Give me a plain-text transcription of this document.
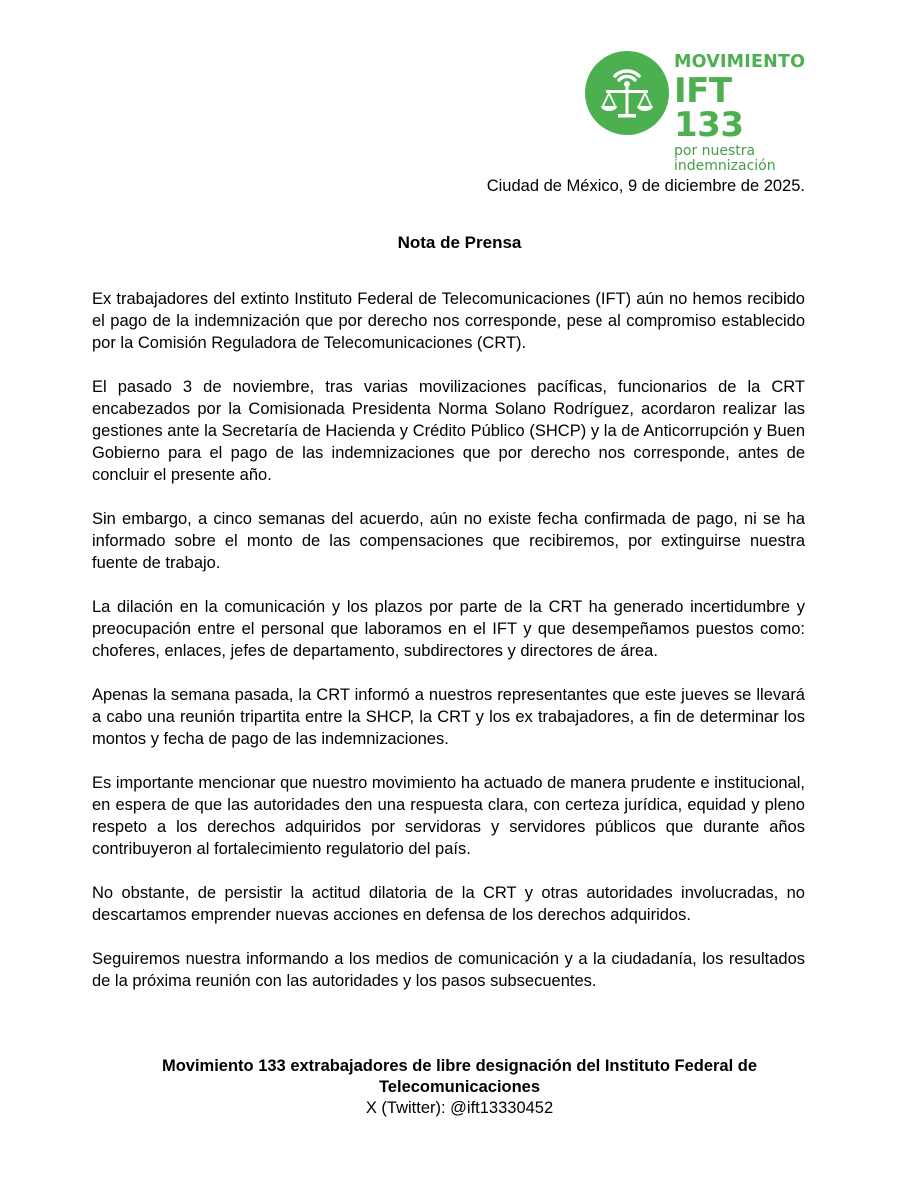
MOVIMIENTO
IFT 133
por nuestra
indemnización
Ciudad de México, 9 de diciembre de 2025.
Nota de Prensa

Ex trabajadores del extinto Instituto Federal de Telecomunicaciones (IFT) aún no hemos recibido el pago de la indemnización que por derecho nos corresponde, pese al compromiso establecido por la Comisión Reguladora de Telecomunicaciones (CRT).

El pasado 3 de noviembre, tras varias movilizaciones pacíficas, funcionarios de la CRT encabezados por la Comisionada Presidenta Norma Solano Rodríguez, acordaron realizar las gestiones ante la Secretaría de Hacienda y Crédito Público (SHCP) y la de Anticorrupción y Buen Gobierno para el pago de las indemnizaciones que por derecho nos corresponde, antes de concluir el presente año.

Sin embargo, a cinco semanas del acuerdo, aún no existe fecha confirmada de pago, ni se ha informado sobre el monto de las compensaciones que recibiremos, por extinguirse nuestra fuente de trabajo.

La dilación en la comunicación y los plazos por parte de la CRT ha generado incertidumbre y preocupación entre el personal que laboramos en el IFT y que desempeñamos puestos como: choferes, enlaces, jefes de departamento, subdirectores y directores de área.

Apenas la semana pasada, la CRT informó a nuestros representantes que este jueves se llevará a cabo una reunión tripartita entre la SHCP, la CRT y los ex trabajadores, a fin de determinar los montos y fecha de pago de las indemnizaciones.

Es importante mencionar que nuestro movimiento ha actuado de manera prudente e institucional, en espera de que las autoridades den una respuesta clara, con certeza jurídica, equidad y pleno respeto a los derechos adquiridos por servidoras y servidores públicos que durante años contribuyeron al fortalecimiento regulatorio del país.

No obstante, de persistir la actitud dilatoria de la CRT y otras autoridades involucradas, no descartamos emprender nuevas acciones en defensa de los derechos adquiridos.

Seguiremos nuestra informando a los medios de comunicación y a la ciudadanía, los resultados de la próxima reunión con las autoridades y los pasos subsecuentes.

Movimiento 133 extrabajadores de libre designación del Instituto Federal de
Telecomunicaciones
X (Twitter): @ift13330452
